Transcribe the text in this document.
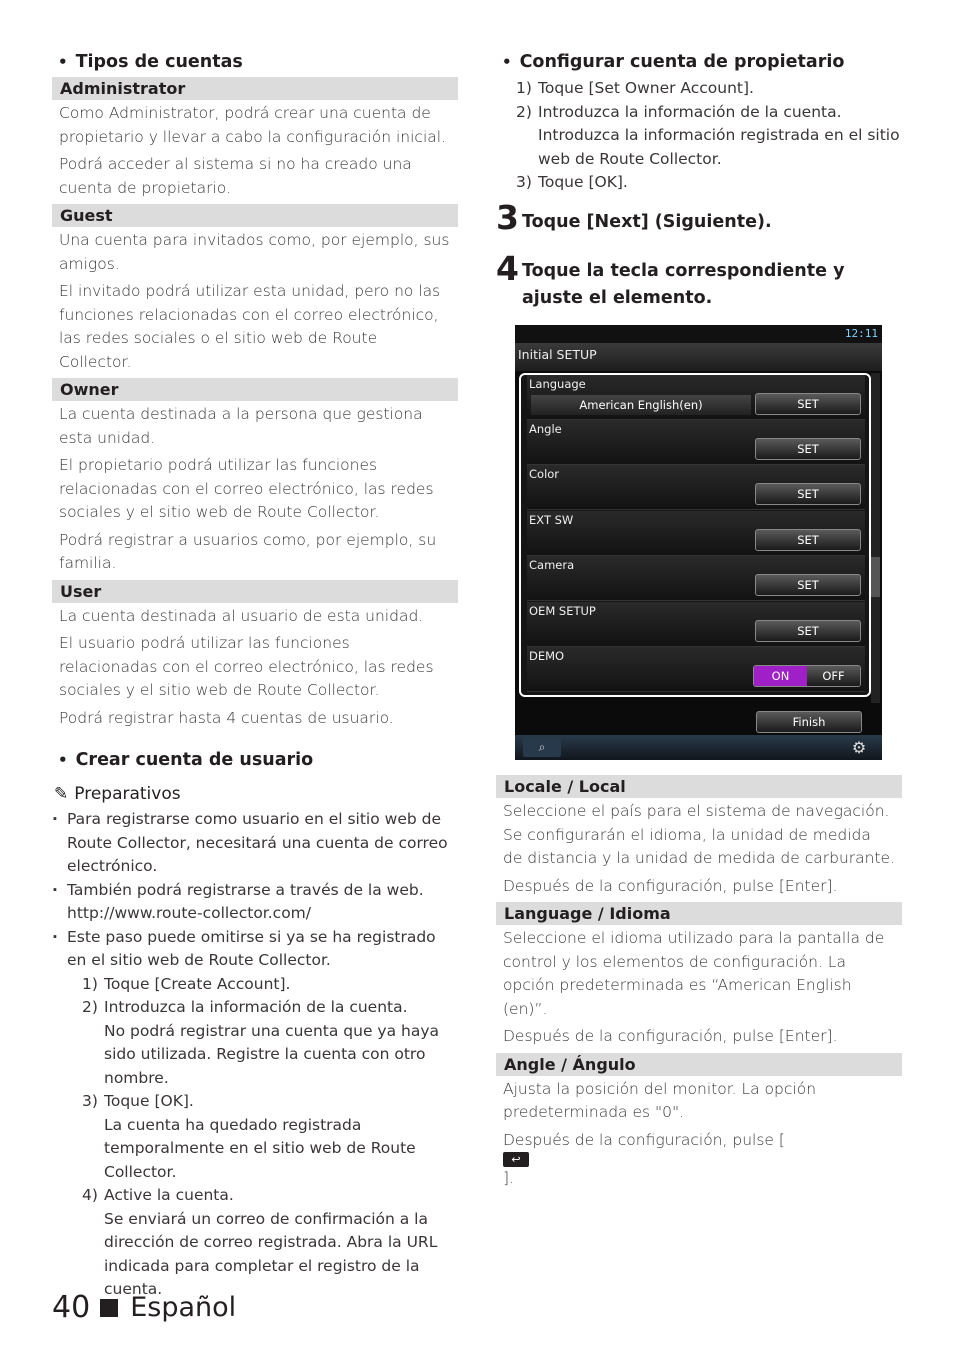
• Tipos de cuentas
Administrator
Como Administrator, podrá crear una cuenta de propietario y llevar a cabo la configuración inicial.
Podrá acceder al sistema si no ha creado una cuenta de propietario.
Guest
Una cuenta para invitados como, por ejemplo, sus amigos.
El invitado podrá utilizar esta unidad, pero no las funciones relacionadas con el correo electrónico, las redes sociales o el sitio web de Route Collector.
Owner
La cuenta destinada a la persona que gestiona esta unidad.
El propietario podrá utilizar las funciones relacionadas con el correo electrónico, las redes sociales y el sitio web de Route Collector.
Podrá registrar a usuarios como, por ejemplo, su familia.
User
La cuenta destinada al usuario de esta unidad.
El usuario podrá utilizar las funciones relacionadas con el correo electrónico, las redes sociales y el sitio web de Route Collector.
Podrá registrar hasta 4 cuentas de usuario.
• Crear cuenta de usuario
✎ Preparativos
· Para registrarse como usuario en el sitio web de Route Collector, necesitará una cuenta de correo electrónico.
· También podrá registrarse a través de la web. http://www.route-collector.com/
· Este paso puede omitirse si ya se ha registrado en el sitio web de Route Collector.
1) Toque [Create Account].
2) Introduzca la información de la cuenta.
No podrá registrar una cuenta que ya haya sido utilizada. Registre la cuenta con otro nombre.
3) Toque [OK].
La cuenta ha quedado registrada temporalmente en el sitio web de Route Collector.
4) Active la cuenta.
Se enviará un correo de confirmación a la dirección de correo registrada. Abra la URL indicada para completar el registro de la cuenta.
• Configurar cuenta de propietario
1) Toque [Set Owner Account].
2) Introduzca la información de la cuenta.
Introduzca la información registrada en el sitio web de Route Collector.
3) Toque [OK].
3 Toque [Next] (Siguiente).
4 Toque la tecla correspondiente y ajuste el elemento.
12:11
Initial SETUP
Language
American English(en)	SET
Angle
SET
Color
SET
EXT SW
SET
Camera
SET
OEM SETUP
SET
DEMO
ON	OFF
Finish
⌕	⚙
Locale / Local
Seleccione el país para el sistema de navegación. Se configurarán el idioma, la unidad de medida de distancia y la unidad de medida de carburante.
Después de la configuración, pulse [Enter].
Language / Idioma
Seleccione el idioma utilizado para la pantalla de control y los elementos de configuración. La opción predeterminada es “American English (en)”.
Después de la configuración, pulse [Enter].
Angle / Ángulo
Ajusta la posición del monitor. La opción predeterminada es "0".
Después de la configuración, pulse [
↩
].
40 Español
